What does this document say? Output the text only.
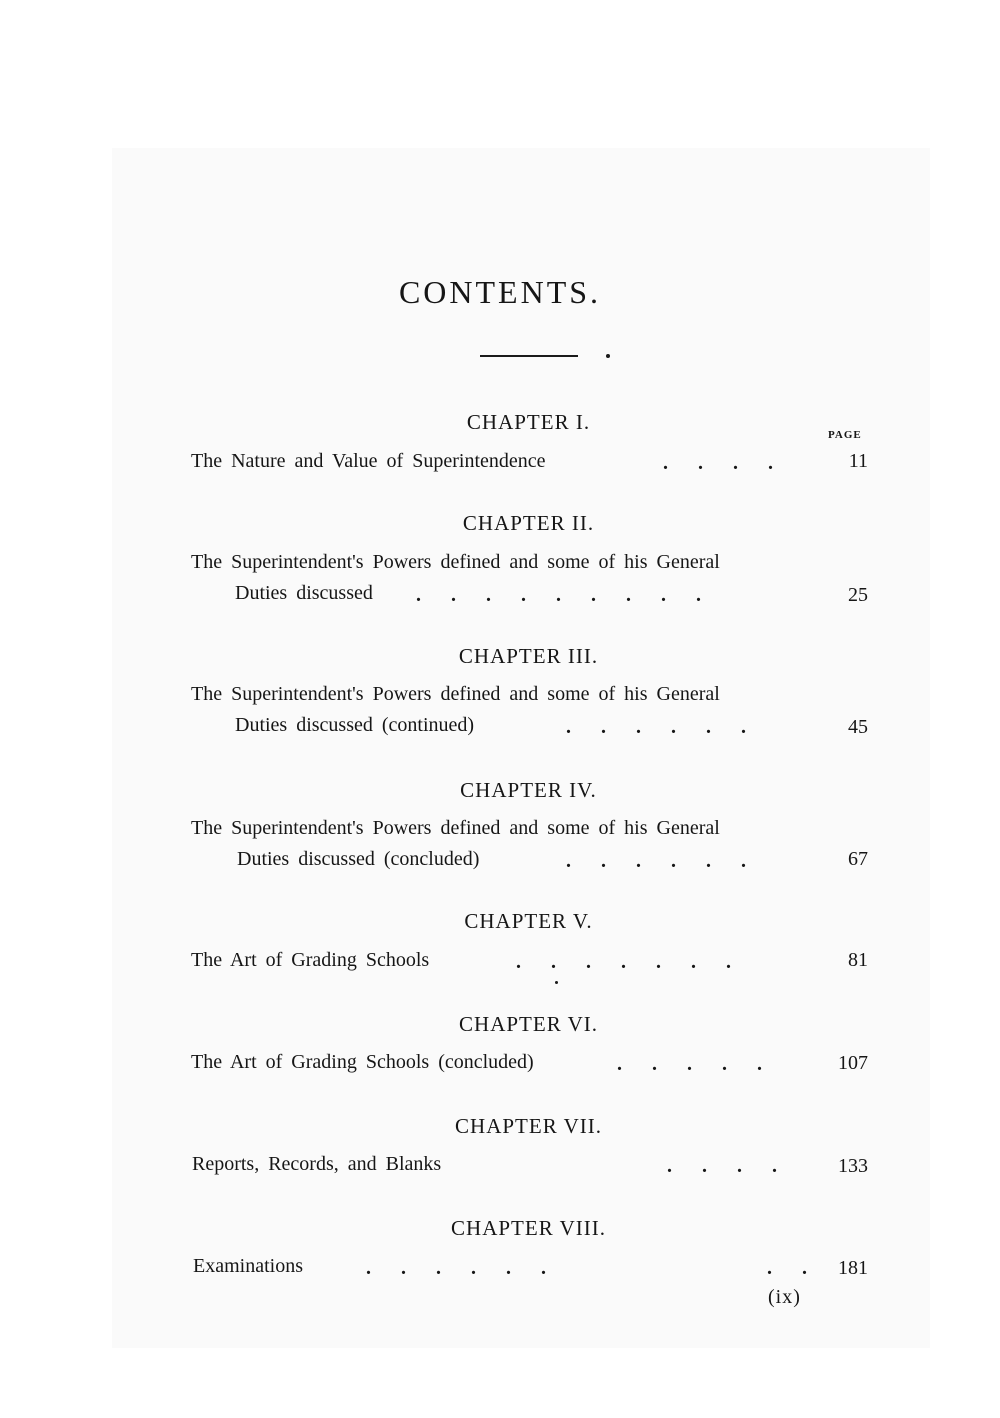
CONTENTS.
CHAPTER I.
PAGE
The Nature and Value of Superintendence	.      .      .      .	11
CHAPTER II.
The Superintendent's Powers defined and some of his General
Duties discussed .      .      .      .      .      .      .      .      .	25
CHAPTER III.
The Superintendent's Powers defined and some of his General
Duties discussed (continued)	.      .      .      .      .      .	45
CHAPTER IV.
The Superintendent's Powers defined and some of his General
Duties discussed (concluded)	.      .      .      .      .      .	67
CHAPTER V.
The Art of Grading Schools	.      .      .      .      .      .      .	81
CHAPTER VI.
The Art of Grading Schools (concluded)	.      .      .      .      .	107
CHAPTER VII.
Reports, Records, and Blanks	.      .      .      .	133
CHAPTER VIII.
Examinations	.      .      .      .      .      .	.      . 181
(ix)
